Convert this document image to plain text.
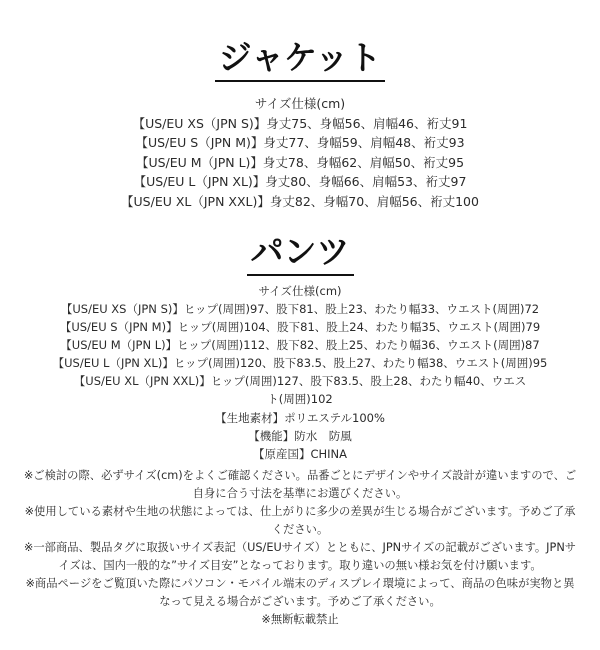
ジャケット

サイズ仕様(cm)

【US/EU XS（JPN S)】身丈75、身幅56、肩幅46、裄丈91

【US/EU S（JPN M)】身丈77、身幅59、肩幅48、裄丈93

【US/EU M（JPN L)】身丈78、身幅62、肩幅50、裄丈95

【US/EU L（JPN XL)】身丈80、身幅66、肩幅53、裄丈97

【US/EU XL（JPN XXL)】身丈82、身幅70、肩幅56、裄丈100

パンツ

サイズ仕様(cm)

【US/EU XS（JPN S)】ヒップ(周囲)97、股下81、股上23、わたり幅33、ウエスト(周囲)72

【US/EU S（JPN M)】ヒップ(周囲)104、股下81、股上24、わたり幅35、ウエスト(周囲)79

【US/EU M（JPN L)】ヒップ(周囲)112、股下82、股上25、わたり幅36、ウエスト(周囲)87

【US/EU L（JPN XL)】ヒップ(周囲)120、股下83.5、股上27、わたり幅38、ウエスト(周囲)95

【US/EU XL（JPN XXL)】ヒップ(周囲)127、股下83.5、股上28、わたり幅40、ウエスト(周囲)102

【生地素材】ポリエステル100%

【機能】防水　防風

【原産国】CHINA

※ご検討の際、必ずサイズ(cm)をよくご確認ください。品番ごとにデザインやサイズ設計が違いますので、ご自身に合う寸法を基準にお選びください。

※使用している素材や生地の状態によっては、仕上がりに多少の差異が生じる場合がございます。予めご了承ください。

※一部商品、製品タグに取扱いサイズ表記（US/EUサイズ）とともに、JPNサイズの記載がございます。JPNサイズは、国内一般的な”サイズ目安”となっております。取り違いの無い様お気を付け願います。

※商品ページをご覧頂いた際にパソコン・モバイル端末のディスプレイ環境によって、商品の色味が実物と異なって見える場合がございます。予めご了承ください。

※無断転載禁止
